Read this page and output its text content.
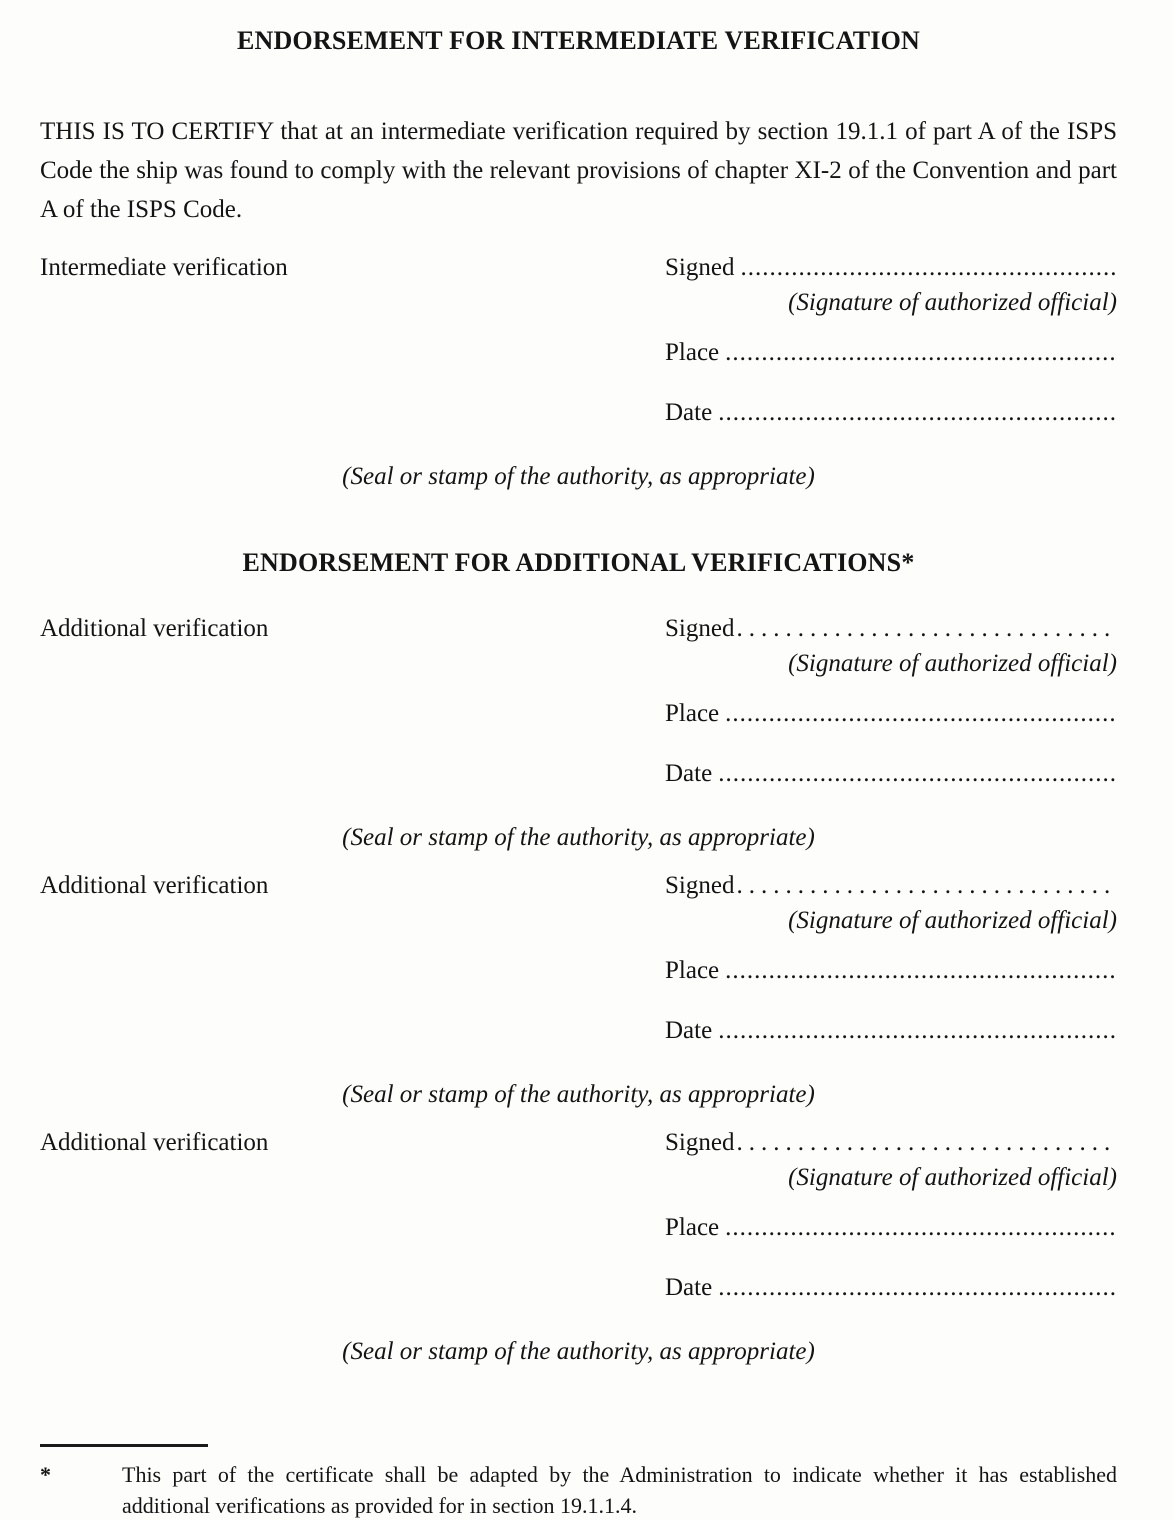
ENDORSEMENT FOR INTERMEDIATE VERIFICATION

THIS IS TO CERTIFY that at an intermediate verification required by section 19.1.1 of part A of the ISPS Code the ship was found to comply with the relevant provisions of chapter XI-2 of the Convention and part A of the ISPS Code.

Intermediate verification	Signed
.....
(Signature of authorized official)
Place
.....
Date
.....
(Seal or stamp of the authority, as appropriate)
ENDORSEMENT FOR ADDITIONAL VERIFICATIONS*
Additional verification	Signed
.....
(Signature of authorized official)
Place
.....
Date
.....
(Seal or stamp of the authority, as appropriate)
Additional verification	Signed
.....
(Signature of authorized official)
Place
.....
Date
.....
(Seal or stamp of the authority, as appropriate)
Additional verification	Signed
.....
(Signature of authorized official)
Place
.....
Date
.....
(Seal or stamp of the authority, as appropriate)
*	This part of the certificate shall be adapted by the Administration to indicate whether it has established additional verifications as provided for in section 19.1.1.4.
